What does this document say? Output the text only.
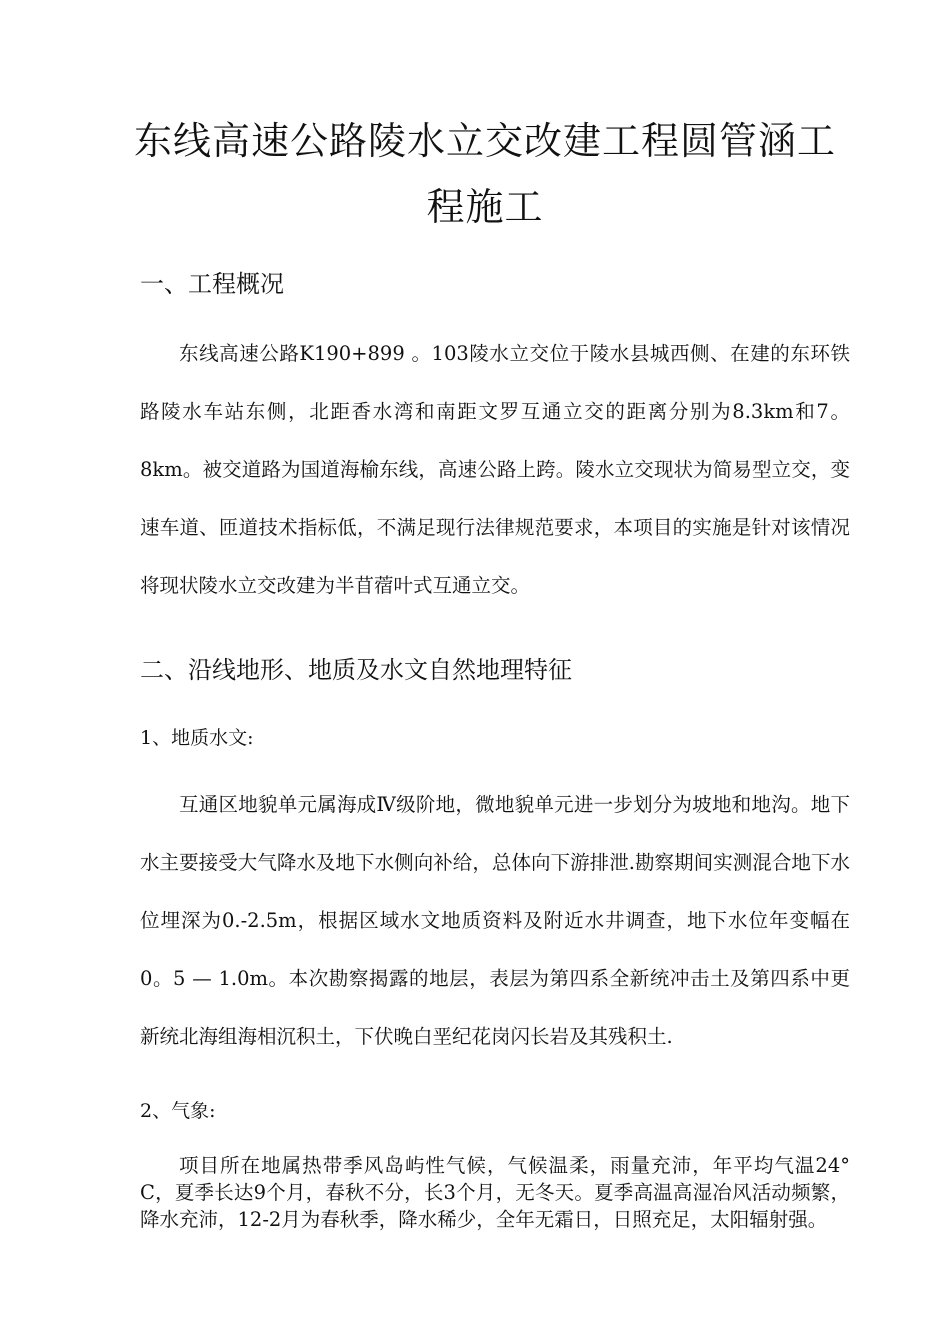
东线高速公路陵水立交改建工程圆管涵工程施工
一、工程概况

东线高速公路K190+899 。103陵水立交位于陵水县城西侧、在建的东环铁路陵水车站东侧，北距香水湾和南距文罗互通立交的距离分别为8.3km和7。8km。被交道路为国道海榆东线，高速公路上跨。陵水立交现状为简易型立交，变速车道、匝道技术指标低，不满足现行法律规范要求，本项目的实施是针对该情况将现状陵水立交改建为半苜蓿叶式互通立交。

二、沿线地形、地质及水文自然地理特征
1、地质水文:

互通区地貌单元属海成Ⅳ级阶地，微地貌单元进一步划分为坡地和地沟。地下水主要接受大气降水及地下水侧向补给，总体向下游排泄.勘察期间实测混合地下水位埋深为0.-2.5m，根据区域水文地质资料及附近水井调查，地下水位年变幅在0。5 — 1.0m。本次勘察揭露的地层，表层为第四系全新统冲击土及第四系中更新统北海组海相沉积土，下伏晚白垩纪花岗闪长岩及其残积土.

2、气象:

项目所在地属热带季风岛屿性气候，气候温柔，雨量充沛，年平均气温24° C，夏季长达9个月，春秋不分，长3个月，无冬天。夏季高温高湿冶风活动频繁，降水充沛，12-2月为春秋季，降水稀少，全年无霜日，日照充足，太阳辐射强。
